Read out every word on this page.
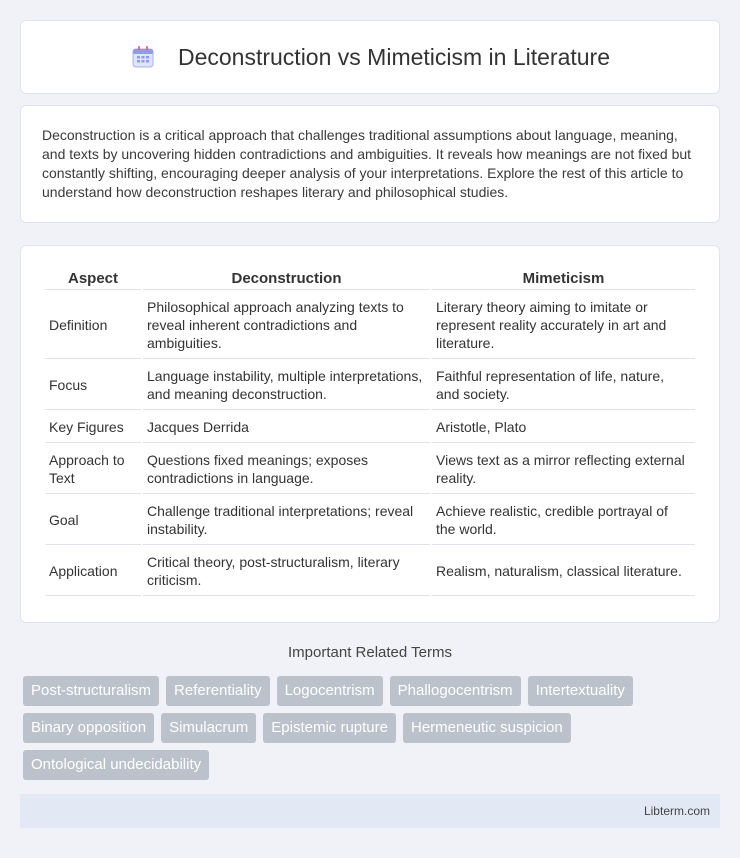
Deconstruction vs Mimeticism in Literature

Deconstruction is a critical approach that challenges traditional assumptions about language, meaning, and texts by uncovering hidden contradictions and ambiguities. It reveals how meanings are not fixed but constantly shifting, encouraging deeper analysis of your interpretations. Explore the rest of this article to understand how deconstruction reshapes literary and philosophical studies.

Aspect	Deconstruction	Mimeticism
Definition	Philosophical approach analyzing texts to reveal inherent contradictions and ambiguities.	Literary theory aiming to imitate or represent reality accurately in art and literature.
Focus	Language instability, multiple interpretations, and meaning deconstruction.	Faithful representation of life, nature, and society.
Key Figures	Jacques Derrida	Aristotle, Plato
Approach to Text	Questions fixed meanings; exposes contradictions in language.	Views text as a mirror reflecting external reality.
Goal	Challenge traditional interpretations; reveal instability.	Achieve realistic, credible portrayal of the world.
Application	Critical theory, post-structuralism, literary criticism.	Realism, naturalism, classical literature.
Important Related Terms
Post-structuralism	Referentiality	Logocentrism	Phallogocentrism	Intertextuality
Binary opposition	Simulacrum	Epistemic rupture	Hermeneutic suspicion
Ontological undecidability
Libterm.com
